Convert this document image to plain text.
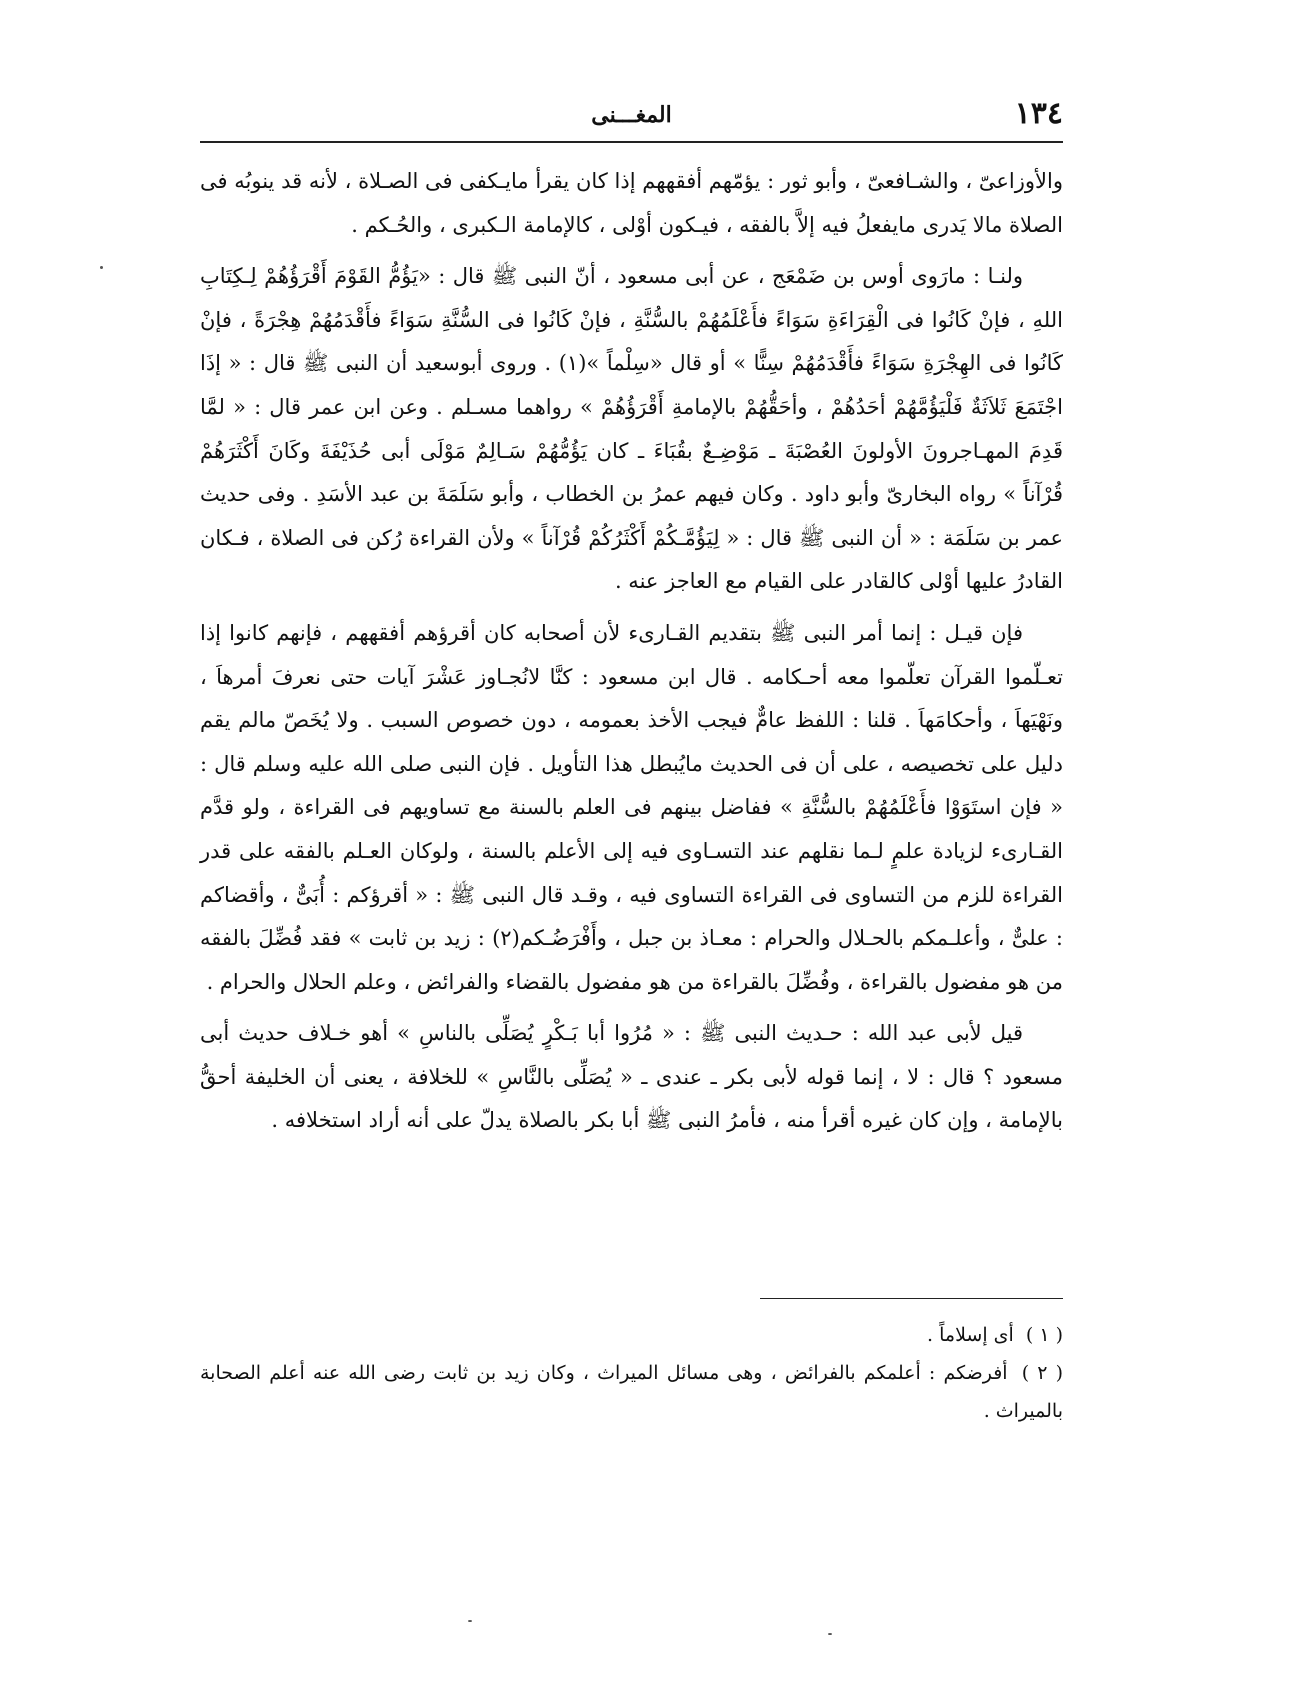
١٣٤
المغـــنى

والأوزاعىّ ، والشـافعىّ ، وأبو ثور : يؤمّهم أفقههم إذا كان يقرأ مايـكفى فى الصـلاة ، لأنه قد ينوبُه فى الصلاة مالا يَدرى مايفعلُ فيه إلاَّ بالفقه ، فيـكون أوْلى ، كالإمامة الـكبرى ، والحُـكم .

ولنـا : مارَوى أوس بن ضَمْعَج ، عن أبى مسعود ، أنّ النبى ﷺ قال : «يَؤُمُّ القَوْمَ أَقْرَؤُهُمْ لِـكِتَابِ اللهِ ، فإنْ كَانُوا فى الْقِرَاءَةِ سَوَاءً فأَعْلَمُهُمْ بالسُّنَّةِ ، فإنْ كَانُوا فى السُّنَّةِ سَوَاءً فأَقْدَمُهُمْ هِجْرَةً ، فإنْ كَانُوا فى الهِجْرَةِ سَوَاءً فأَقْدَمُهُمْ سِنًّا » أو قال «سِلْماً »(١) . وروى أبوسعيد أن النبى ﷺ قال : « إذَا اجْتَمَعَ ثَلاَثَةٌ فَلْيَؤُمَّهُمْ أحَدُهُمْ ، وأحَقُّهُمْ بالإمامةِ أَقْرَؤُهُمْ » رواهما مسـلم . وعن ابن عمر قال : « لمَّا قَدِمَ المهـاجرونَ الأولونَ العُصْبَةَ ـ مَوْضِـعٌ بقُبَاءَ ـ كان يَؤُمُّهُمْ سَـالِمٌ مَوْلَى أبى حُذَيْفَةَ وكَانَ أَكْثَرَهُمْ قُرْآناً » رواه البخارىّ وأبو داود . وكان فيهم عمرُ بن الخطاب ، وأبو سَلَمَةَ بن عبد الأسَدِ . وفى حديث عمر بن سَلَمَة : « أن النبى ﷺ قال : « لِيَؤُمَّـكُمْ أَكْثَرُكُمْ قُرْآناً » ولأن القراءة رُكن فى الصلاة ، فـكان القادرُ عليها أوْلى كالقادر على القيام مع العاجز عنه .

فإن قيـل : إنما أمر النبى ﷺ بتقديم القـارىء لأن أصحابه كان أقرؤهم أفقههم ، فإنهم كانوا إذا تعـلّموا القرآن تعلّموا معه أحـكامه . قال ابن مسعود : كنَّا لانُجـاوز عَشْرَ آيات حتى نعرفَ أمرهاَ ، ونَهْيَهاَ ، وأحكامَهاَ . قلنا : اللفظ عامٌّ فيجب الأخذ بعمومه ، دون خصوص السبب . ولا يُخَصّ مالم يقم دليل على تخصيصه ، على أن فى الحديث مايُبطل هذا التأويل . فإن النبى صلى الله عليه وسلم قال : « فإن استَوَوْا فأَعْلَمُهُمْ بالسُّنَّةِ » ففاضل بينهم فى العلم بالسنة مع تساويهم فى القراءة ، ولو قدَّم القـارىء لزيادة علمٍ لـما نقلهم عند التسـاوى فيه إلى الأعلم بالسنة ، ولوكان العـلم بالفقه على قدر القراءة للزم من التساوى فى القراءة التساوى فيه ، وقـد قال النبى ﷺ : « أقرؤكم : أُبَىٌّ ، وأقضاكم : علىٌّ ، وأعلـمكم بالحـلال والحرام : معـاذ بن جبل ، وأَفْرَضُـكم(٢) : زيد بن ثابت » فقد فُضِّلَ بالفقه من هو مفضول بالقراءة ، وفُضِّلَ بالقراءة من هو مفضول بالقضاء والفرائض ، وعلم الحلال والحرام .

قيل لأبى عبد الله : حـديث النبى ﷺ : « مُرُوا أبا بَـكْرٍ يُصَلِّى بالناسِ » أهو خـلاف حديث أبى مسعود ؟ قال : لا ، إنما قوله لأبى بكر ـ عندى ـ « يُصَلِّى بالنَّاسِ » للخلافة ، يعنى أن الخليفة أحقُّ بالإمامة ، وإن كان غيره أقرأ منه ، فأمرُ النبى ﷺ أبا بكر بالصلاة يدلّ على أنه أراد استخلافه .

( ١ ) أى إسلاماً .

( ٢ ) أفرضكم : أعلمكم بالفرائض ، وهى مسائل الميراث ، وكان زيد بن ثابت رضى الله عنه أعلم الصحابة بالميراث .
